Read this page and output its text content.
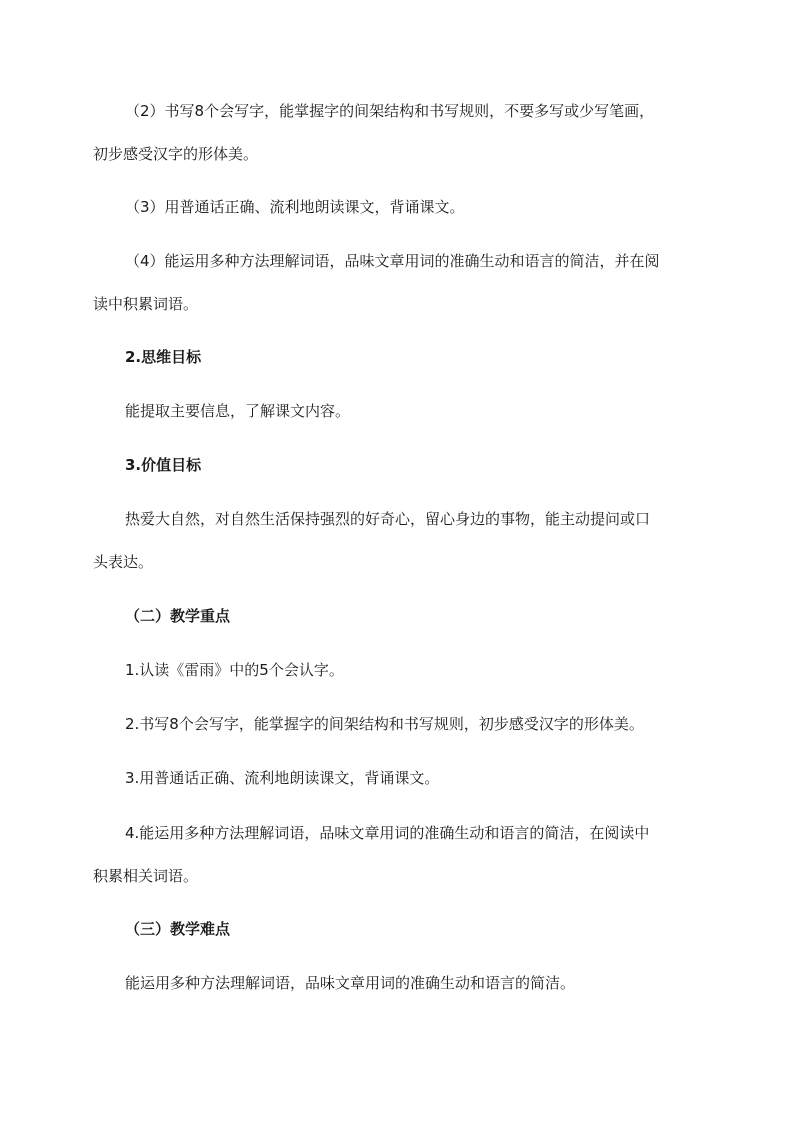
（2）书写8个会写字，能掌握字的间架结构和书写规则，不要多写或少写笔画，
初步感受汉字的形体美。
（3）用普通话正确、流利地朗读课文，背诵课文。
（4）能运用多种方法理解词语，品味文章用词的准确生动和语言的简洁，并在阅
读中积累词语。
2.思维目标
能提取主要信息，了解课文内容。
3.价值目标
热爱大自然，对自然生活保持强烈的好奇心，留心身边的事物，能主动提问或口
头表达。
（二）教学重点
1.认读《雷雨》中的5个会认字。
2.书写8个会写字，能掌握字的间架结构和书写规则，初步感受汉字的形体美。
3.用普通话正确、流利地朗读课文，背诵课文。
4.能运用多种方法理解词语，品味文章用词的准确生动和语言的简洁，在阅读中
积累相关词语。
（三）教学难点
能运用多种方法理解词语，品味文章用词的准确生动和语言的简洁。
